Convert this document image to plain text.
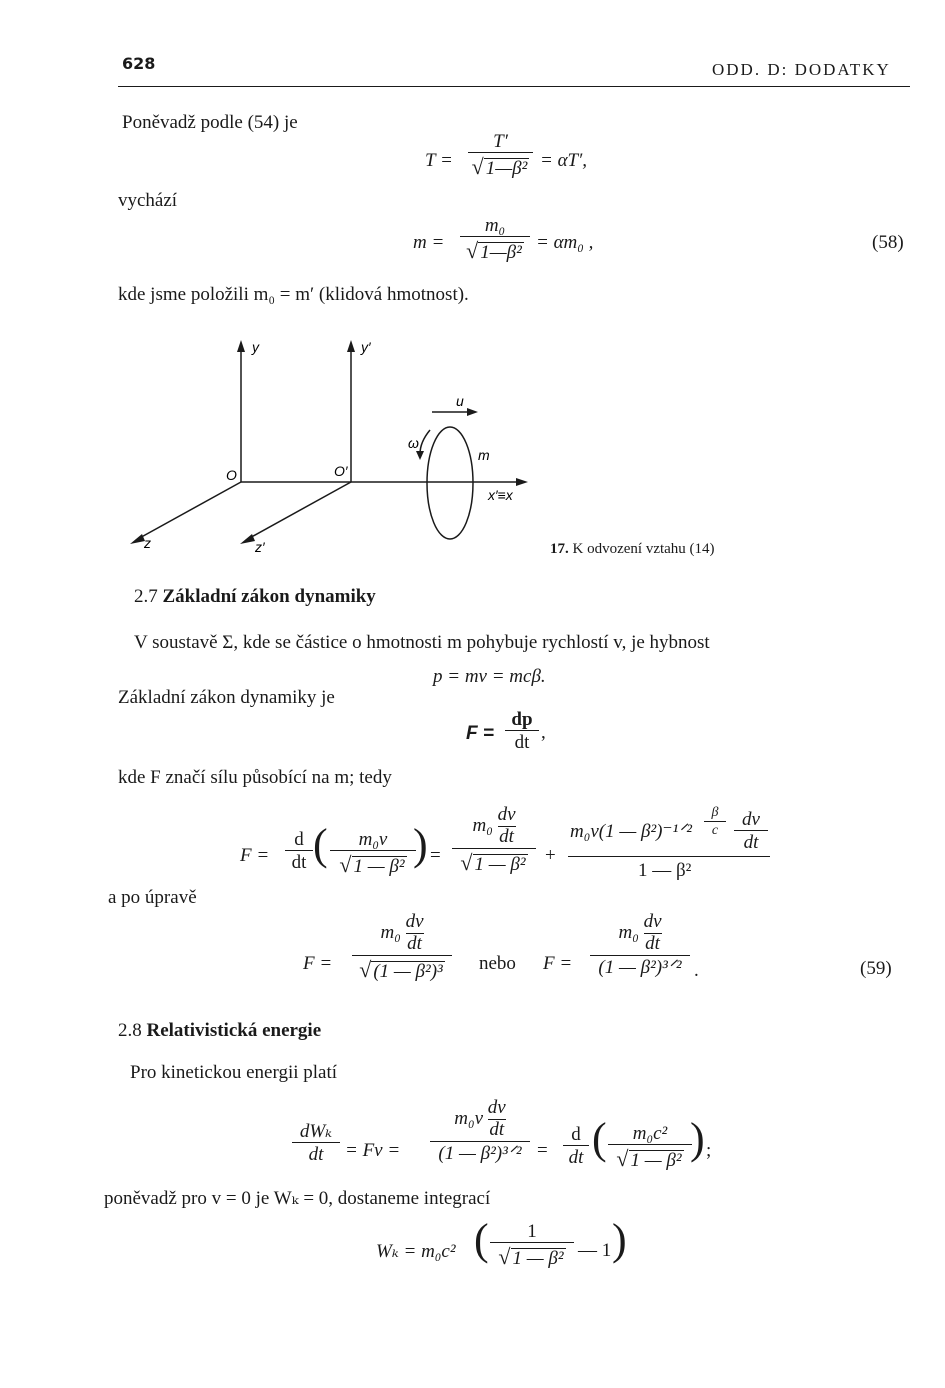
628	ODD. D: DODATKY
Poněvadž podle (54) je
$T = \frac{T'}{\text{√ 1—β²}} = \alpha T'$,
vychází
$m = \frac{\text{m₀}}{\text{√ 1—β²}} = \alpha m_0$ ,	(58)
kde jsme položili m₀ = m′ (klidová hmotnost).
y	y′
O	O′
z	z′
u
ω
m
x′≡x
17. K odvození vztahu (14)
2.7 Základní zákon dynamiky
V soustavě Σ, kde se částice o hmotnosti m pohybuje rychlostí v, je hybnost
p = mv = mcβ.
Základní zákon dynamiky je
$F = \frac{dp}{dt}$ ,
kde F značí sílu působící na m; tedy
$F = \frac{d}{dt}$ ( $\frac{\text{m₀v}}{\text{√ 1 — β²}}$
) = $\frac{m_0 \frac{dv}{dt}}{\text{√ 1 — β²}}$ +
m₀v(1 — β²)⁻¹ᐟ² $\frac{\beta}{c} \frac{dv}{dt}$
1 — β²
a po úpravě
$F = \frac{m_0 \frac{dv}{dt}}{\text{√ (1 — β²)³}}$ nebo F =
$m_0 \frac{dv}{dt}$
(1 — β²)³ᐟ² .	(59)
2.8 Relativistická energie
Pro kinetickou energii platí
dWₖ
dt	= Fv =
$m_0v \frac{dv}{dt}$
(1 — β²)³ᐟ² = $\frac{d}{dt}$ ( $\frac{\text{m₀c²}}{\text{√ 1 — β²}}$
) ;
poněvadž pro v = 0 je Wₖ = 0, dostaneme integrací
Wₖ = m₀c² ( $\frac{1}{\text{√ 1 — β²}}$ — 1 )
